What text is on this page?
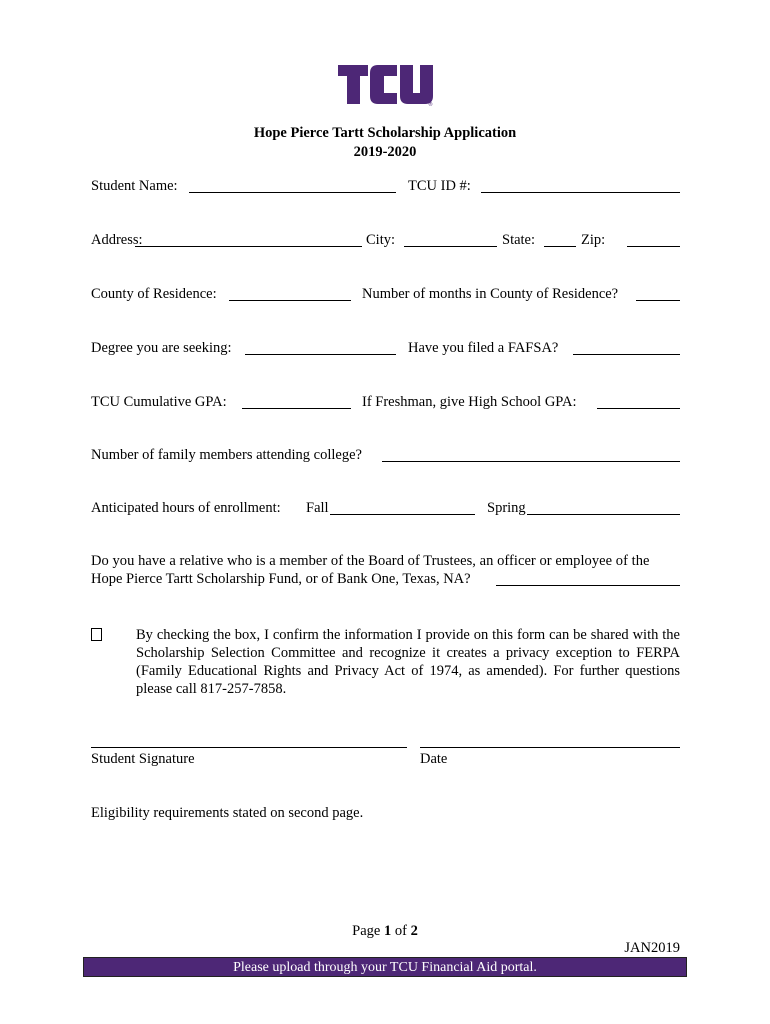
®
Hope Pierce Tartt Scholarship Application
2019-2020
Student Name:	TCU ID #:
Address:	City:	State:	Zip:
County of Residence:	Number of months in County of Residence?
Degree you are seeking:	Have you filed a FAFSA?
TCU Cumulative GPA:	If Freshman, give High School GPA:
Number of family members attending college?
Anticipated hours of enrollment: Fall	Spring
Do you have a relative who is a member of the Board of Trustees, an officer or employee of the
Hope Pierce Tartt Scholarship Fund, or of Bank One, Texas, NA?
By checking the box, I confirm the information I provide on this form can be shared with the Scholarship Selection Committee and recognize it creates a privacy exception to FERPA (Family Educational Rights and Privacy Act of 1974, as amended). For further questions please call 817-257-7858.
Student Signature	Date
Eligibility requirements stated on second page.
Page 1 of 2
JAN2019
Please upload through your TCU Financial Aid portal.
